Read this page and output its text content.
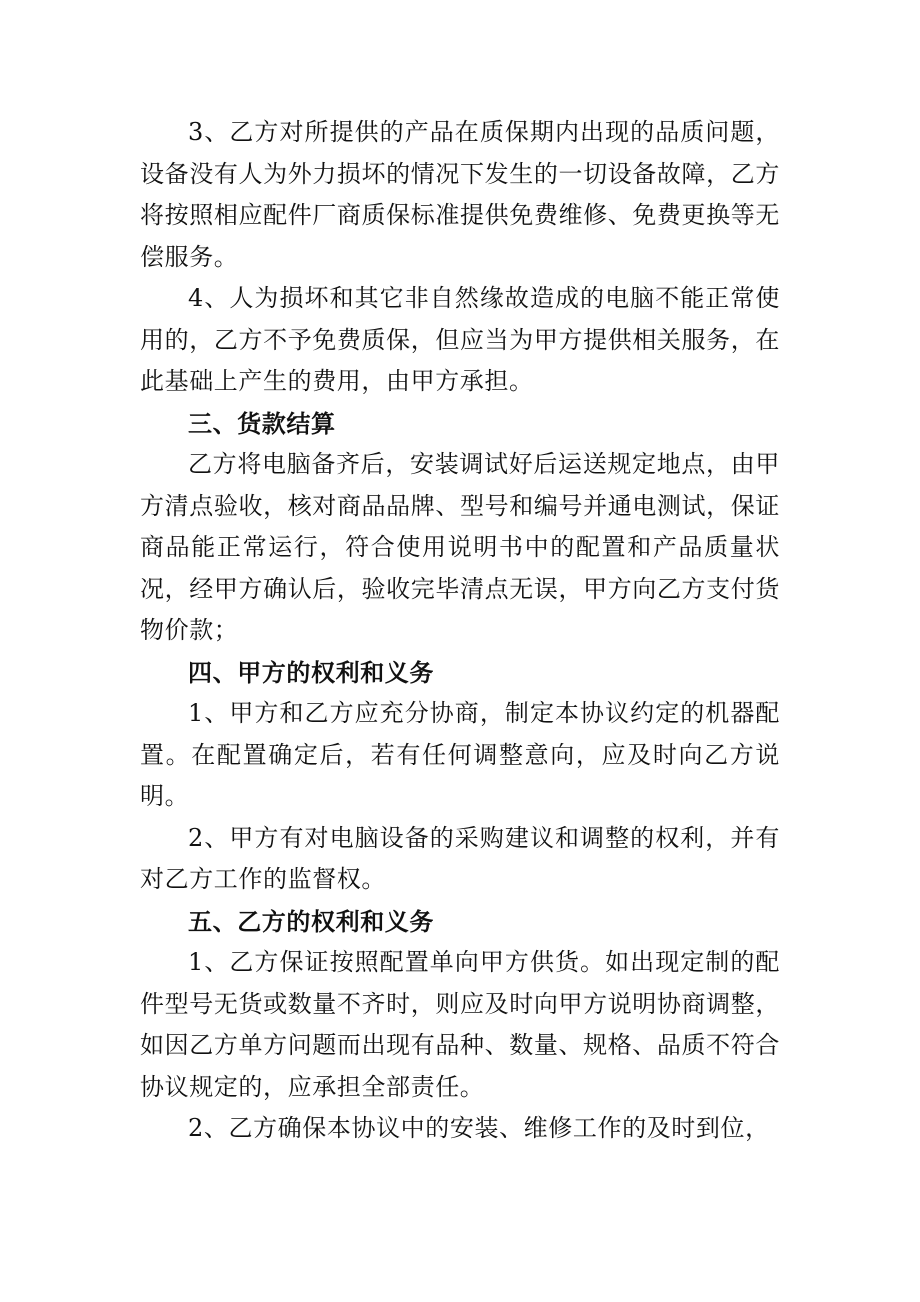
3、乙方对所提供的产品在质保期内出现的品质问题，设备没有人为外力损坏的情况下发生的一切设备故障，乙方将按照相应配件厂商质保标准提供免费维修、免费更换等无偿服务。

4、人为损坏和其它非自然缘故造成的电脑不能正常使用的，乙方不予免费质保，但应当为甲方提供相关服务，在此基础上产生的费用，由甲方承担。

三、货款结算

乙方将电脑备齐后，安装调试好后运送规定地点，由甲方清点验收，核对商品品牌、型号和编号并通电测试，保证商品能正常运行，符合使用说明书中的配置和产品质量状况，经甲方确认后，验收完毕清点无误，甲方向乙方支付货物价款；

四、甲方的权利和义务

1、甲方和乙方应充分协商，制定本协议约定的机器配置。在配置确定后，若有任何调整意向，应及时向乙方说明。

2、甲方有对电脑设备的采购建议和调整的权利，并有对乙方工作的监督权。

五、乙方的权利和义务

1、乙方保证按照配置单向甲方供货。如出现定制的配件型号无货或数量不齐时，则应及时向甲方说明协商调整，如因乙方单方问题而出现有品种、数量、规格、品质不符合协议规定的，应承担全部责任。

2、乙方确保本协议中的安装、维修工作的及时到位，
